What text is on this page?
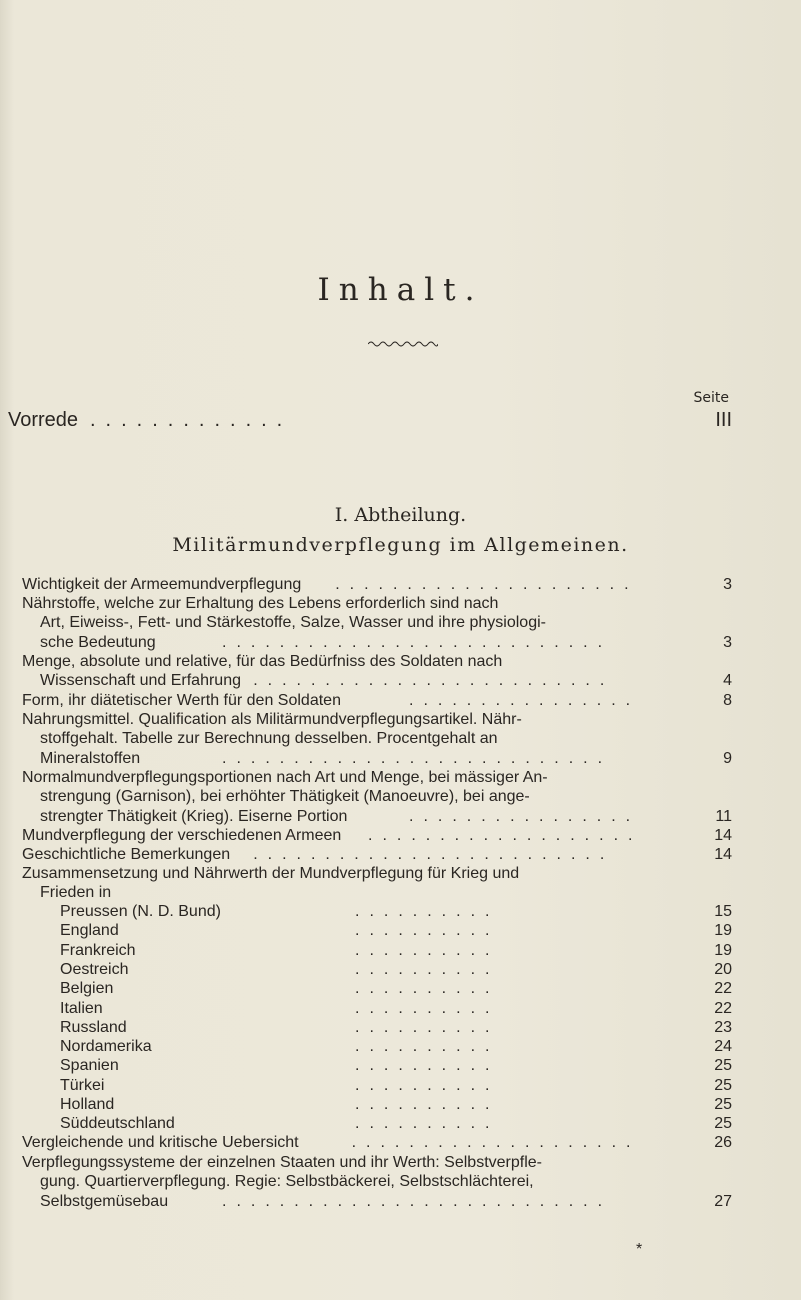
Inhalt.
Seite
Vorrede .............	III
I. Abtheilung.
Militärmundverpflegung im Allgemeinen.
Wichtigkeit der Armeemundverpflegung .....................	3
Nährstoffe, welche zur Erhaltung des Lebens erforderlich sind nach
Art, Eiweiss-, Fett- und Stärkestoffe, Salze, Wasser und ihre physiologi-
sche Bedeutung	...........................	3
Menge, absolute und relative, für das Bedürfniss des Soldaten nach
Wissenschaft und Erfahrung .........................	4
Form, ihr diätetischer Werth für den Soldaten	................	8
Nahrungsmittel. Qualification als Militärmundverpflegungsartikel. Nähr-
stoffgehalt. Tabelle zur Berechnung desselben. Procentgehalt an
Mineralstoffen	...........................	9
Normalmundverpflegungsportionen nach Art und Menge, bei mässiger An-
strengung (Garnison), bei erhöhter Thätigkeit (Manoeuvre), bei ange-
strengter Thätigkeit (Krieg). Eiserne Portion	................	11
Mundverpflegung der verschiedenen Armeen ...................	14
Geschichtliche Bemerkungen .........................	14
Zusammensetzung und Nährwerth der Mundverpflegung für Krieg und
Frieden in
Preussen (N. D. Bund)	..........	15
England	..........	19
Frankreich	..........	19
Oestreich	..........	20
Belgien	..........	22
Italien	..........	22
Russland	..........	23
Nordamerika	..........	24
Spanien	..........	25
Türkei	..........	25
Holland	..........	25
Süddeutschland	..........	25
Vergleichende und kritische Uebersicht	....................	26
Verpflegungssysteme der einzelnen Staaten und ihr Werth: Selbstverpfle-
gung. Quartierverpflegung. Regie: Selbstbäckerei, Selbstschlächterei,
Selbstgemüsebau	...........................	27
*
